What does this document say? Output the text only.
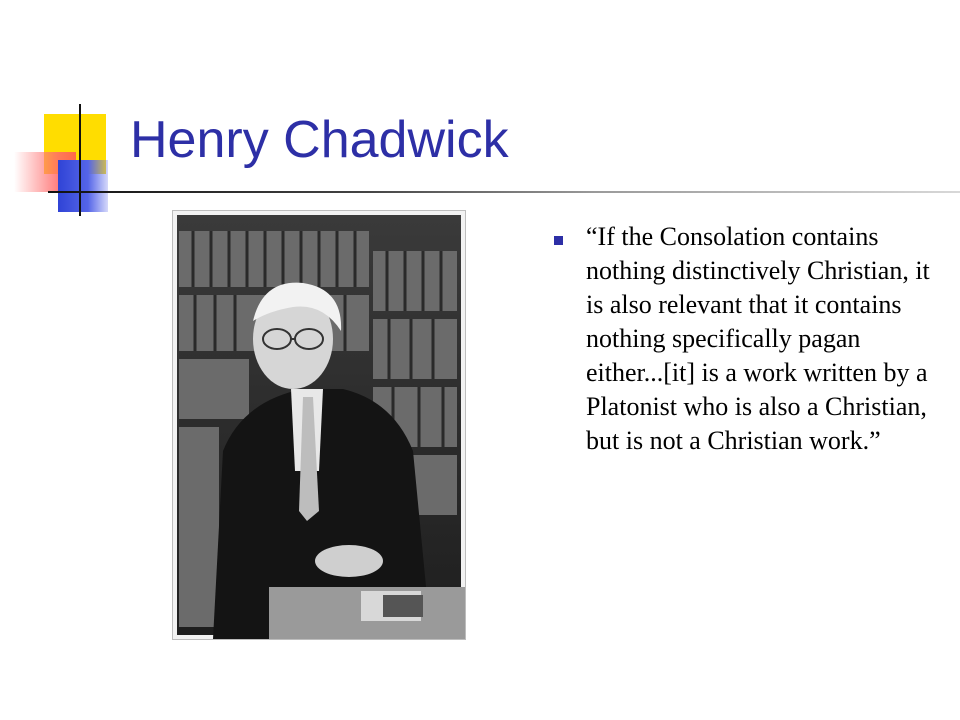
Henry Chadwick

“If the Consolation contains nothing distinctively Christian, it is also relevant that it contains nothing specifically pagan either...[it] is a work written by a Platonist who is also a Christian, but is not a Christian work.”
